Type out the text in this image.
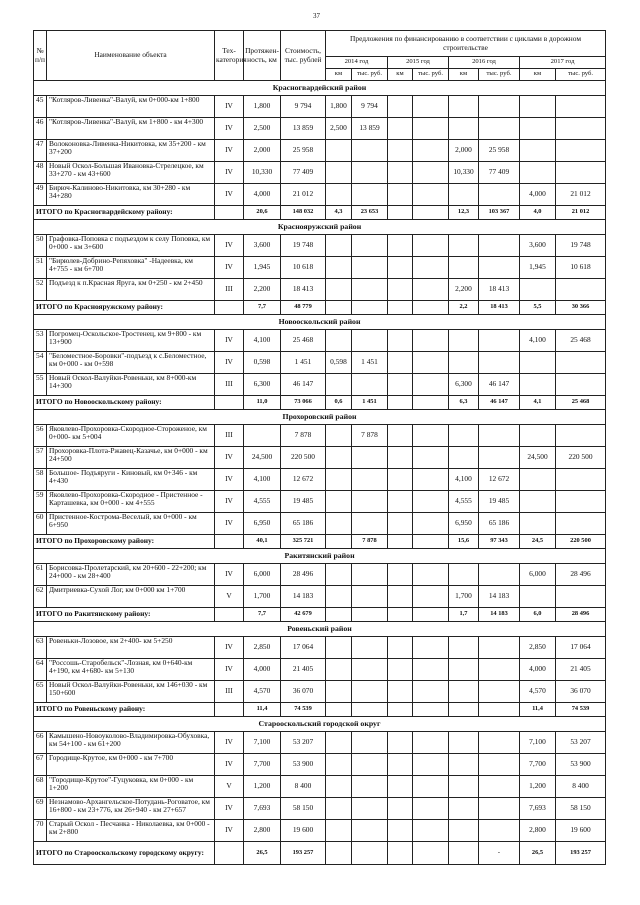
37
№ п/п	Наименование объекта	Тех-категория	Протяжен-ность, км	Стоимость, тыс. рублей	Предложения по финансированию в соответствии с циклами в дорожном строительстве							
					2014 год		2015 год		2016 год		2017 год	
					км	тыс. руб.	км	тыс. руб.	км	тыс. руб.	км	тыс. руб.
Красногвардейский район												
45	"Котляров-Ливенка"-Валуй, км 0+000-км 1+800	IV	1,800	9 794	1,800	9 794						
46	"Котляров-Ливенка"-Валуй, км 1+800 - км 4+300	IV	2,500	13 859	2,500	13 859						
47	Волоконовка-Ливенка-Никитовка, км 35+200 - км 37+200	IV	2,000	25 958					2,000	25 958		
48	Новый Оскол-Большая Ивановка-Стрелецкое, км 33+270 - км 43+600	IV	10,330	77 409					10,330	77 409		
49	Бирюч-Калиново-Никитовка, км 30+280 - км 34+280	IV	4,000	21 012							4,000	21 012
ИТОГО по Красногвардейскому району:			20,6	148 032	4,3	23 653			12,3	103 367	4,0	21 012
Краснояружский район												
50	Графовка-Поповка с подъездом к селу Поповка, км 0+000 - км 3+600	IV	3,600	19 748							3,600	19 748
51	"Бирюлев-Добрино-Репяховка" -Надеевка, км 4+755 - км 6+700	IV	1,945	10 618							1,945	10 618
52	Подъезд к п.Красная Яруга, км 0+250 - км 2+450	III	2,200	18 413					2,200	18 413		
ИТОГО по Краснояружскому району:			7,7	48 779					2,2	18 413	5,5	30 366
Новооскольский район												
53	Погромец-Оскольское-Тростенец, км 9+800 - км 13+900	IV	4,100	25 468							4,100	25 468
54	"Беломестное-Боровки"-подъезд к с.Беломестное, км 0+000 - км 0+598	IV	0,598	1 451	0,598	1 451						
55	Новый Оскол-Валуйки-Ровеньки, км 8+000-км 14+300	III	6,300	46 147					6,300	46 147		
ИТОГО по Новооскольскому району:			11,0	73 066	0,6	1 451			6,3	46 147	4,1	25 468
Прохоровский район												
56	Яковлево-Прохоровка-Скородное-Стороженое, км 0+000- км 5+004	III		7 878		7 878						
57	Прохоровка-Плота-Ржавец-Казачье, км 0+000 - км 24+500	IV	24,500	220 500							24,500	220 500
58	Большое- Подъяруги - Киновый, км 0+346 - км 4+430	IV	4,100	12 672					4,100	12 672		
59	Яковлево-Прохоровка-Скородное - Пристенное - Карташевка, км 0+000 - км 4+555	IV	4,555	19 485					4,555	19 485		
60	Пристенное-Кострома-Веселый, км 0+000 - км 6+950	IV	6,950	65 186					6,950	65 186		
ИТОГО по Прохоровскому району:			40,1	325 721		7 878			15,6	97 343	24,5	220 500
Ракитянский район												
61	Борисовка-Пролетарский, км 20+600 - 22+200; км 24+000 - км 28+400	IV	6,000	28 496							6,000	28 496
62	Дмитриевка-Сухой Лог, км 0+000 км 1+700	V	1,700	14 183					1,700	14 183		
ИТОГО по Ракитянскому району:			7,7	42 679					1,7	14 183	6,0	28 496
Ровеньский район												
63	Ровеньки-Лозовое, км 2+400- км 5+250	IV	2,850	17 064							2,850	17 064
64	"Россошь-Старобельск"-Лозная, км 0+640-км 4+190, км 4+680- км 5+130	IV	4,000	21 405							4,000	21 405
65	Новый Оскол-Валуйки-Ровеньки, км 146+030 - км 150+600	III	4,570	36 070							4,570	36 070
ИТОГО по Ровеньскому району:			11,4	74 539							11,4	74 539
Старооскольский городской округ												
66	Камышено-Новоуколово-Владимировка-Обуховка, км 54+100 - км 61+200	IV	7,100	53 207							7,100	53 207
67	Городище-Крутое, км 0+000 - км 7+700	IV	7,700	53 900							7,700	53 900
68	"Городище-Крутое"-Гуцуковка, км 0+000 - км 1+200	V	1,200	8 400							1,200	8 400
69	Незнамово-Архангельское-Потудань-Роговатое, км 16+800 - км 23+776, км 26+940 - км 27+657	IV	7,693	58 150							7,693	58 150
70	Старый Оскол - Песчанка - Николаевка, км 0+000 - км 2+800	IV	2,800	19 600							2,800	19 600
ИТОГО по Старооскольскому городскому округу:			26,5	193 257						-	26,5	193 257
